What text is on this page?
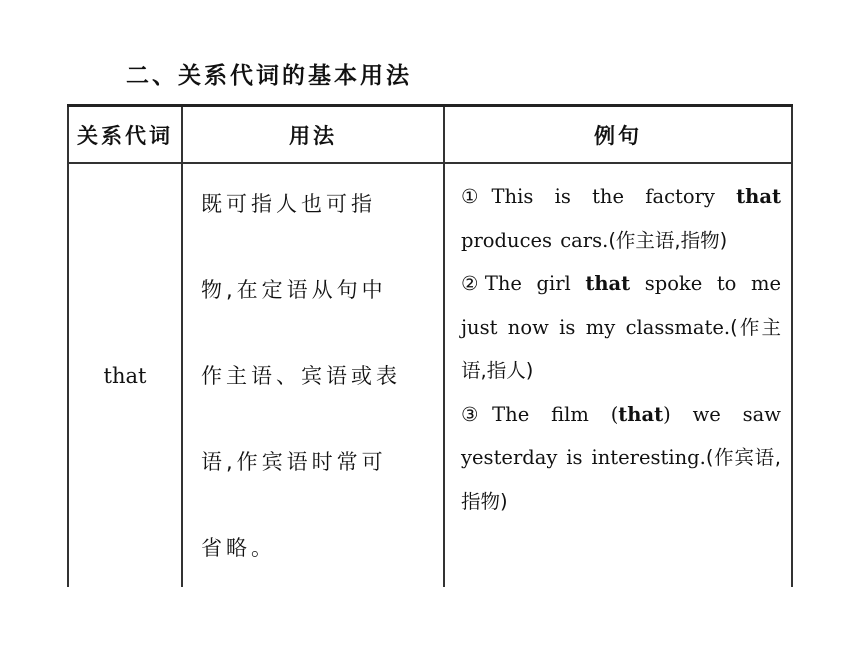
二、关系代词的基本用法
关系代词	用法	例句
that

既可指人也可指

物,在定语从句中

作主语、宾语或表

语,作宾语时常可

省略。

①This is the factory that produces cars.(作主语,指物)
②The girl that spoke to me just now is my classmate.(作主语,指人)
③The film (that) we saw yesterday is interesting.(作宾语,指物)
